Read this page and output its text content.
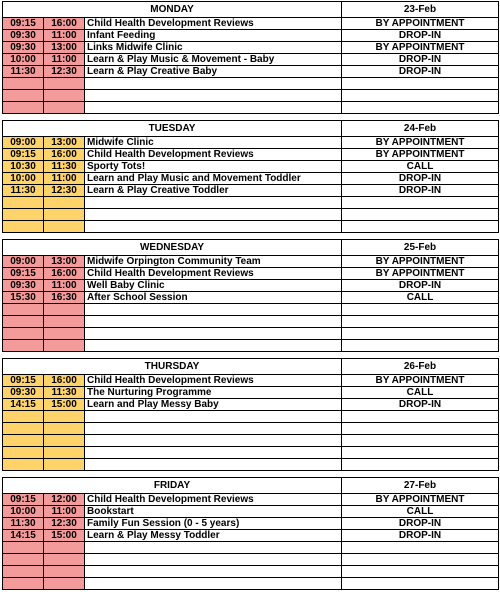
MONDAY			23-Feb
09:15	16:00	Child Health Development Reviews	BY APPOINTMENT
09:30	11:00	Infant Feeding	DROP-IN
09:30	13:00	Links Midwife Clinic	BY APPOINTMENT
10:00	11:00	Learn & Play Music & Movement - Baby	DROP-IN
11:30	12:30	Learn & Play Creative Baby	DROP-IN

TUESDAY			24-Feb
09:00	13:00	Midwife Clinic	BY APPOINTMENT
09:15	16:00	Child Health Development Reviews	BY APPOINTMENT
10:30	11:30	Sporty Tots!	CALL
10:00	11:00	Learn and Play Music and Movement Toddler	DROP-IN
11:30	12:30	Learn & Play Creative Toddler	DROP-IN

WEDNESDAY			25-Feb
09:00	13:00	Midwife Orpington Community Team	BY APPOINTMENT
09:15	16:00	Child Health Development Reviews	BY APPOINTMENT
09:30	11:00	Well Baby Clinic	DROP-IN
15:30	16:30	After School Session	CALL

THURSDAY			26-Feb
09:15	16:00	Child Health Development Reviews	BY APPOINTMENT
09:30	11:30	The Nurturing Programme	CALL
14:15	15:00	Learn and Play Messy Baby	DROP-IN

FRIDAY			27-Feb
09:15	12:00	Child Health Development Reviews	BY APPOINTMENT
10:00	11:00	Bookstart	CALL
11:30	12:30	Family Fun Session (0 - 5 years)	DROP-IN
14:15	15:00	Learn & Play Messy Toddler	DROP-IN
